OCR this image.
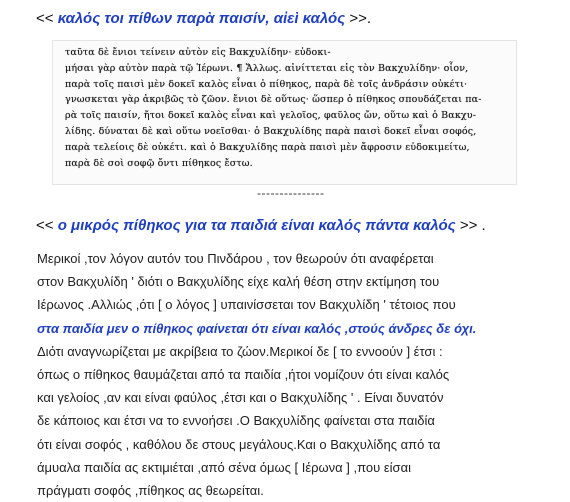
<< καλός τοι πίθων παρὰ παισίν, αἰεὶ καλός >>.
ταῦτα δὲ ἔνιοι τείνειν αὐτὸν εἰς Βακχυλίδην· εὐδοκι-
μήσαι γὰρ αὐτὸν παρὰ τῷ Ἱέρωνι. ¶ Ἄλλως. αἰνίττεται εἰς τὸν Βακχυλίδην· οἷον,
παρὰ τοῖς παισὶ μὲν δοκεῖ καλὸς εἶναι ὁ πίθηκος, παρὰ δὲ τοῖς ἀνδράσιν οὐκέτι·
γνωσκεται γὰρ ἀκριβῶς τὸ ζῶον. ἔνιοι δὲ οὕτως· ὥσπερ ὁ πίθηκος σπουδάζεται πα-
ρὰ τοῖς παισίν, ἤτοι δοκεῖ καλὸς εἶναι καὶ γελοῖος, φαῦλος ὤν, οὕτω καὶ ὁ Βακχυ-
λίδης. δύναται δὲ καὶ οὕτω νοεῖσθαι· ὁ Βακχυλίδης παρὰ παισὶ δοκεῖ εἶναι σοφός,
παρὰ τελείοις δὲ οὐκέτι. καὶ ὁ Βακχυλίδης παρὰ παισὶ μὲν ἄφροσιν εὐδοκιμείτω,
παρὰ δὲ σοὶ σοφῷ ὄντι πίθηκος ἔστω.
---------------
<< ο μικρός πίθηκος για τα παιδιά είναι καλός πάντα καλός >> .
Μερικοί ,τον λόγον αυτόν του Πινδάρου , τον θεωρούν ότι αναφέρεται
στον Βακχυλίδη ' διότι ο Βακχυλίδης είχε καλή θέση στην εκτίμηση του
Ιέρωνος .Αλλιώς ,ότι [ ο λόγος ] υπαινίσσεται τον Βακχυλίδη ' τέτοιος που
στα παιδία μεν ο πίθηκος φαίνεται ότι είναι καλός ,στούς άνδρες δε όχι.
Διότι αναγνωρίζεται με ακρίβεια το ζώον.Μερικοί δε [ το εννοούν ] έτσι :
όπως ο πίθηκος θαυμάζεται από τα παιδία ,ήτοι νομίζουν ότι είναι καλός
και γελοίος ,αν και είναι φαύλος ,έτσι και ο Βακχυλίδης ' . Είναι δυνατόν
δε κάποιος και έτσι να το εννοήσει .Ο Βακχυλίδης φαίνεται στα παιδία
ότι είναι σοφός , καθόλου δε στους μεγάλους.Και ο Βακχυλίδης από τα
άμυαλα παιδία ας εκτιμιέται ,από σένα όμως [ Ιέρωνα ] ,που είσαι
πράγματι σοφός ,πίθηκος ας θεωρείται.
